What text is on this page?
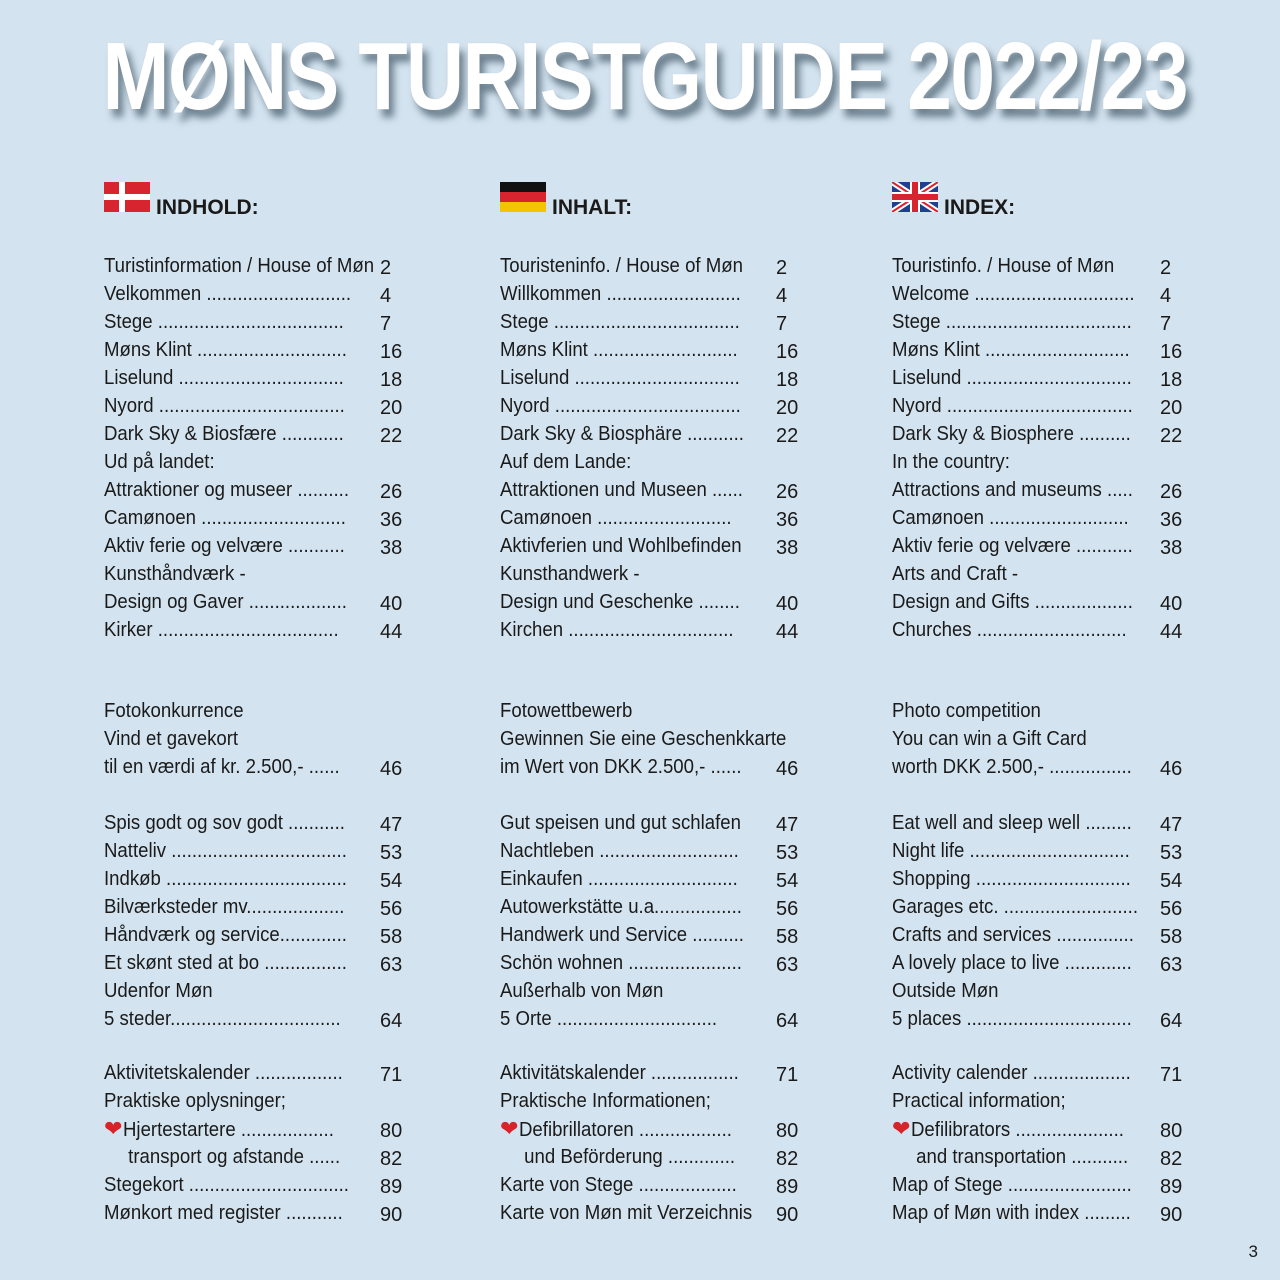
MØNS TURISTGUIDE 2022/23
INDHOLD:
Turistinformation / House of Møn 2
Velkommen ............................	4
Stege ....................................	7
Møns Klint .............................	16
Liselund ................................	18
Nyord ....................................	20
Dark Sky & Biosfære ............	22
Ud på landet:
Attraktioner og museer ..........	26
Camønoen ............................	36
Aktiv ferie og velvære ...........	38
Kunsthåndværk -
Design og Gaver ...................	40
Kirker ...................................	44
Fotokonkurrence
Vind et gavekort
til en værdi af kr. 2.500,- ......	46
Spis godt og sov godt ...........	47
Natteliv ..................................	53
Indkøb ...................................	54
Bilværksteder mv...................	56
Håndværk og service.............	58
Et skønt sted at bo ................	63
Udenfor Møn
5 steder.................................	64
Aktivitetskalender .................	71
Praktiske oplysninger;
❤Hjertestartere ..................	80
transport og afstande ......	82
Stegekort ...............................	89
Mønkort med register ...........	90
INHALT:
Touristeninfo. / House of Møn	2
Willkommen ..........................	4
Stege ....................................	7
Møns Klint ............................	16
Liselund ................................	18
Nyord ....................................	20
Dark Sky & Biosphäre ...........	22
Auf dem Lande:
Attraktionen und Museen ......	26
Camønoen ..........................	36
Aktivferien und Wohlbefinden	38
Kunsthandwerk -
Design und Geschenke ........	40
Kirchen ................................	44
Fotowettbewerb
Gewinnen Sie eine Geschenkkarte
im Wert von DKK 2.500,- ......	46
Gut speisen und gut schlafen	47
Nachtleben ...........................	53
Einkaufen .............................	54
Autowerkstätte u.a.................	56
Handwerk und Service ..........	58
Schön wohnen ......................	63
Außerhalb von Møn
5 Orte ...............................	64
Aktivitätskalender .................	71
Praktische Informationen;
❤Defibrillatoren ..................	80
und Beförderung .............	82
Karte von Stege ...................	89
Karte von Møn mit Verzeichnis	90
INDEX:
Touristinfo. / House of Møn	2
Welcome ...............................	4
Stege ....................................	7
Møns Klint ............................	16
Liselund ................................	18
Nyord ....................................	20
Dark Sky & Biosphere ..........	22
In the country:
Attractions and museums .....	26
Camønoen ...........................	36
Aktiv ferie og velvære ...........	38
Arts and Craft -
Design and Gifts ...................	40
Churches .............................	44
Photo competition
You can win a Gift Card
worth DKK 2.500,- ................	46
Eat well and sleep well .........	47
Night life ...............................	53
Shopping ..............................	54
Garages etc. ..........................	56
Crafts and services ...............	58
A lovely place to live .............	63
Outside Møn
5 places ................................	64
Activity calender ...................	71
Practical information;
❤Defilibrators .....................	80
and transportation ...........	82
Map of Stege ........................	89
Map of Møn with index .........	90
3
